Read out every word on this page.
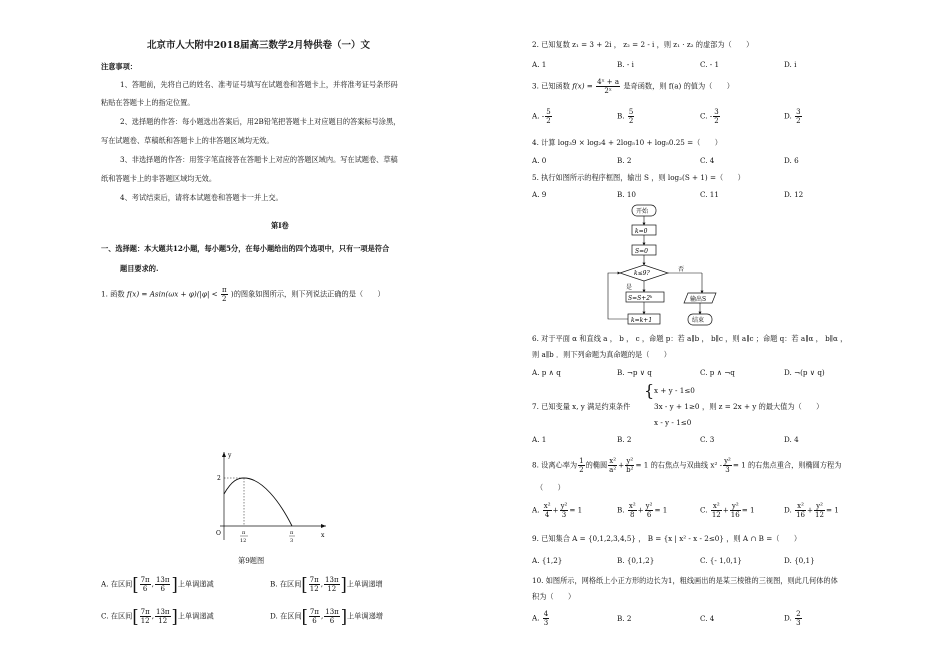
北京市人大附中2018届高三数学2月特供卷（一）文
注意事项：
1、答题前，先将自己的姓名、准考证号填写在试题卷和答题卡上，并将准考证号条形码
粘贴在答题卡上的指定位置。
2、选择题的作答：每小题选出答案后，用2B铅笔把答题卡上对应题目的答案标号涂黑，
写在试题卷、草稿纸和答题卡上的非答题区域均无效。
3、非选择题的作答：用签字笔直接答在答题卡上对应的答题区域内。写在试题卷、草稿
纸和答题卡上的非答题区域均无效。
4、考试结束后，请将本试题卷和答题卡一并上交。
第Ⅰ卷
一、选择题：本大题共12小题，每小题5分，在每小题给出的四个选项中，只有一项是符合
题目要求的.
1. 函数 $f(x) = Asin(\omega x + \varphi)(|\varphi| < \frac{\pi}{2}$ )的图象如图所示，则下列说法正确的是（　　）
y
x
2
O	π
12
π
3
第9题图
A. 在区间[ $\frac{7\pi}{6}$ , $\frac{13\pi}{6}$ ]上单调递减	B. 在区间[ $\frac{7\pi}{12}$ , $\frac{13\pi}{12}$ ]上单调递增
C. 在区间[ $\frac{7\pi}{12}$ , $\frac{13\pi}{12}$ ]上单调递减	D. 在区间[ $\frac{7\pi}{6}$ , $\frac{13\pi}{6}$ ]上单调递增
2. 已知复数 z₁ = 3 + 2i ， z₂ = 2 - i ，则 z₁ · z₂ 的虚部为（　　）
A. 1	B. - i	C. - 1	D. i
3. 已知函数 $f(x) = \frac{\text{4ˣ + a}}{\text{2ˣ}}$ 是奇函数，则 f(a) 的值为（　　）
A. - $\frac{5}{2}$	B. $\frac{5}{2}$	C. - $\frac{3}{2}$	D. $\frac{3}{2}$
4. 计算 log₃9 × log₂4 + 2log₅10 + log₅0.25 =（　　）
A. 0	B. 2	C. 4	D. 6
5. 执行如图所示的程序框图，输出 S ，则 log₂(S + 1) =（　　）
A. 9	B. 10	C. 11	D. 12
开始
k=0
S=0
k≤9?
否
是
S=S+2ᵏ	输出S
k=k+1	结束
6. 对于平面 α 和直线 a ， b ， c ，命题 p：若 a∥b ， b∥c ，则 a∥c ；命题 q：若 a∥α ， b∥α ，
则 a∥b ．则下列命题为真命题的是（　　）
A. p ∧ q	B. ¬p ∨ q	C. p ∧ ¬q	D. ¬(p ∨ q)
7. 已知变量 x, y 满足约束条件
{ x + y - 1≤0
3x - y + 1≥0
x - y - 1≤0
，则 z = 2x + y 的最大值为（　　）
A. 1	B. 2	C. 3	D. 4
8. 设离心率为 $\frac{1}{2}$ 的椭圆 $\frac{\text{x²}}{\text{a²}} + \frac{\text{y²}}{\text{b²}} = 1$ 的右焦点与双曲线 $x^2 - \frac{\text{y²}}{3} = 1$ 的右焦点重合，则椭圆方程为
（　　）
A. $\frac{\text{x²}}{4} + \frac{\text{y²}}{3} = 1$	B. $\frac{\text{x²}}{8} + \frac{\text{y²}}{6} = 1$	C. $\frac{\text{x²}}{12} + \frac{\text{y²}}{16} = 1$	D. $\frac{\text{x²}}{16} + \frac{\text{y²}}{12} = 1$
9. 已知集合 A = {0,1,2,3,4,5} ， B = {x | x² - x - 2≤0} ，则 A ∩ B =（　　）
A. {1,2}	B. {0,1,2}	C. {- 1,0,1}	D. {0,1}
10. 如图所示，网格纸上小正方形的边长为1，粗线画出的是某三棱锥的三视图，则此几何体的体
积为（　　）
A. $\frac{4}{3}$	B. 2	C. 4	D. $\frac{2}{3}$
